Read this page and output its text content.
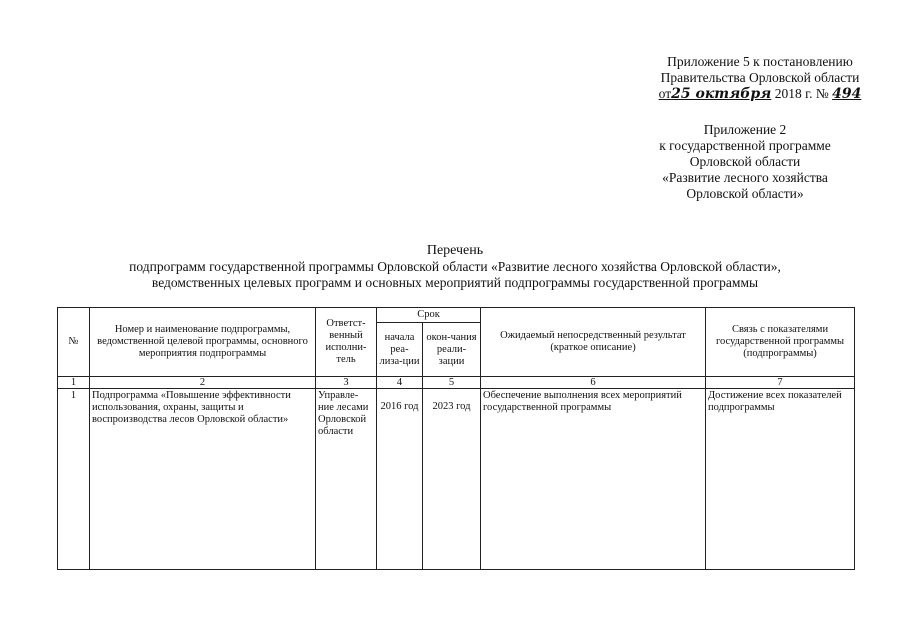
Приложение 5 к постановлению
Правительства Орловской области
от25 октября 2018 г. № 494
Приложение 2
к государственной программе
Орловской области
«Развитие лесного хозяйства
Орловской области»
Перечень
подпрограмм государственной программы Орловской области «Развитие лесного хозяйства Орловской области»,
ведомственных целевых программ и основных мероприятий подпрограммы государственной программы
№	Номер и наименование подпрограммы, ведомственной целевой программы, основного мероприятия подпрограммы	Ответст-венный исполни-тель	Срок		Ожидаемый непосредственный результат (краткое описание)	Связь с показателями государственной программы (подпрограммы)
			начала реа-лиза-ции	окон-чания реали-зации		
1	2	3	4	5	6	7
1	Подпрограмма «Повышение эффективности использования, охраны, защиты и воспроизводства лесов Орловской области»	Управле-ние лесами Орловской области	2016 год	2023 год	Обеспечение выполнения всех мероприятий государственной программы	Достижение всех показателей подпрограммы
